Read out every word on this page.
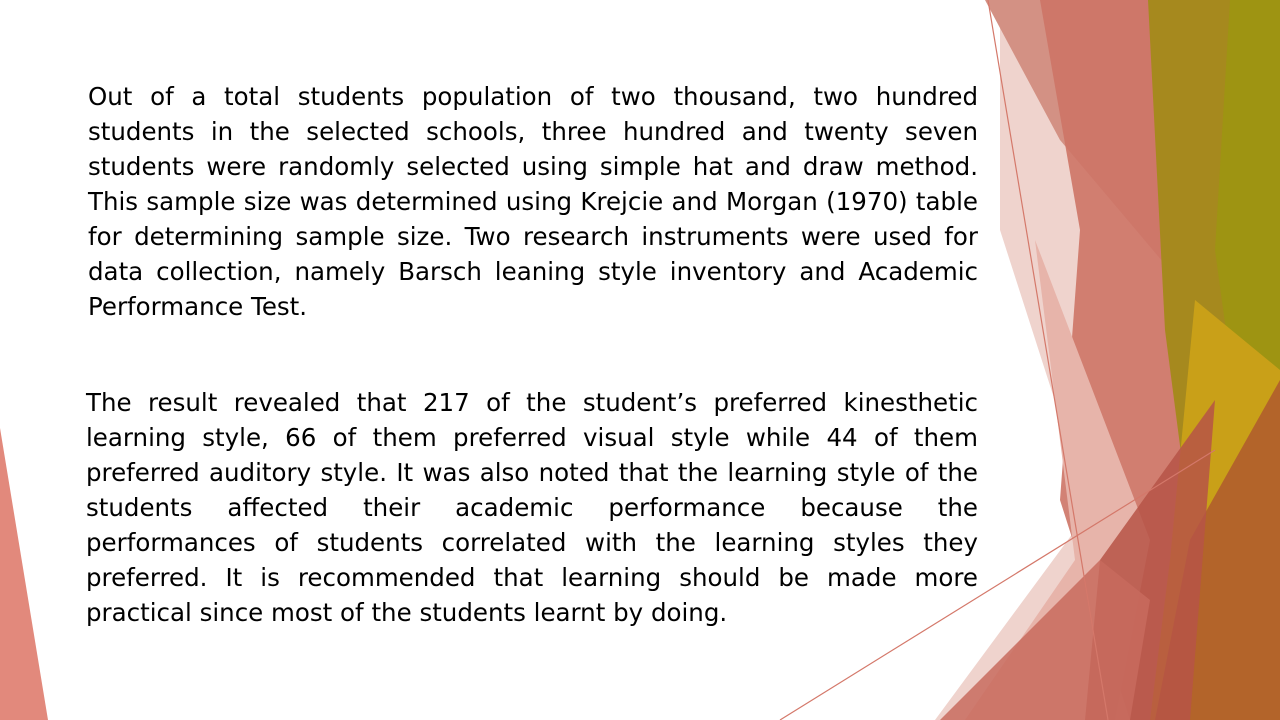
Out of a total students population of two thousand, two hundred students in the selected schools, three hundred and twenty seven students were randomly selected using simple hat and draw method. This sample size was determined using Krejcie and Morgan (1970) table for determining sample size. Two research instruments were used for data collection, namely Barsch leaning style inventory and Academic Performance Test.

The result revealed that 217 of the student’s preferred kinesthetic learning style, 66 of them preferred visual style while 44 of them preferred auditory style. It was also noted that the learning style of the students affected their academic performance because the performances of students correlated with the learning styles they preferred. It is recommended that learning should be made more practical since most of the students learnt by doing.
